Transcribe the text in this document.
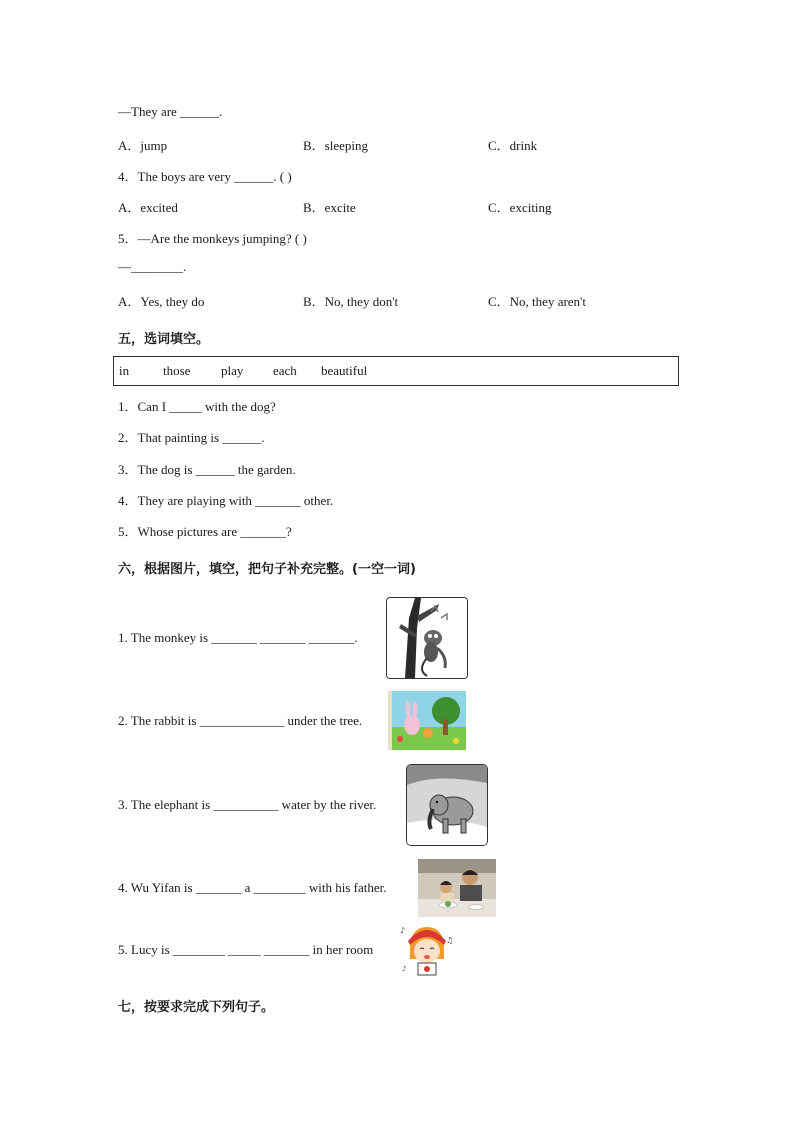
—They are ______.
A．jump	B．sleeping	C．drink
4．The boys are very ______. ( )
A．excited	B．excite	C．exciting
5．—Are the monkeys jumping? ( )
—________.
A．Yes, they do	B．No, they don't	C．No, they aren't
五，选词填空。
in	those play each beautiful
1．Can I _____ with the dog?
2．That painting is ______.
3．The dog is ______ the garden.
4．They are playing with _______ other.
5．Whose pictures are _______?
六，根据图片，填空，把句子补充完整。(一空一词)
1. The monkey is _______ _______ _______.
2. The rabbit is _____________ under the tree.
3. The elephant is __________ water by the river.
4. Wu Yifan is _______ a ________ with his father.
5. Lucy is ________ _____ _______ in her room
♪
♫
♪
七，按要求完成下列句子。
